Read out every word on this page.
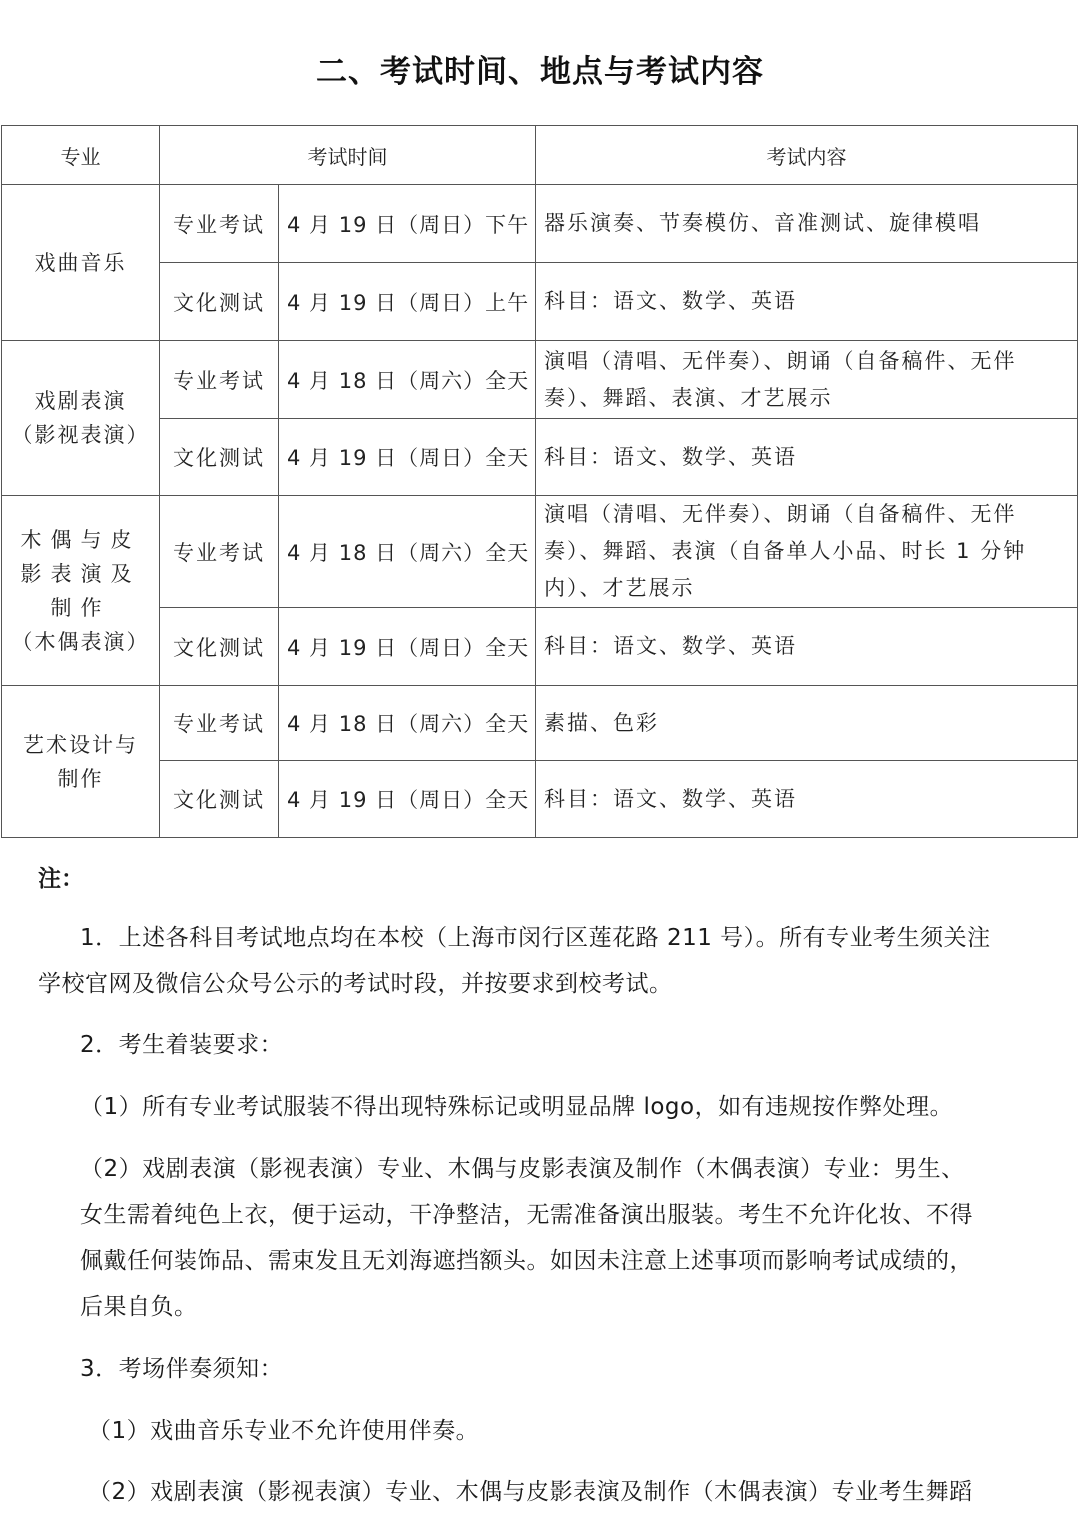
二、考试时间、地点与考试内容
专业	考试时间		考试内容
戏曲音乐	专业考试	4 月 19 日（周日）下午	器乐演奏、节奏模仿、音准测试、旋律模唱
	文化测试	4 月 19 日（周日）上午	科目：语文、数学、英语

戏剧表演
（影视表演）	专业考试	4 月 18 日（周六）全天	演唱（清唱、无伴奏）、朗诵（自备稿件、无伴奏）、舞蹈、表演、才艺展示
	文化测试	4 月 19 日（周日）全天	科目：语文、数学、英语

木偶与皮
影表演及
制作
（木偶表演）	专业考试	4 月 18 日（周六）全天	演唱（清唱、无伴奏）、朗诵（自备稿件、无伴奏）、舞蹈、表演（自备单人小品、时长 1 分钟内）、才艺展示
	文化测试	4 月 19 日（周日）全天	科目：语文、数学、英语

艺术设计与
制作	专业考试	4 月 18 日（周六）全天	素描、色彩
	文化测试	4 月 19 日（周日）全天	科目：语文、数学、英语
注：

1．上述各科目考试地点均在本校（上海市闵行区莲花路 211 号）。所有专业考生须关注

学校官网及微信公众号公示的考试时段，并按要求到校考试。

2．考生着装要求：

（1）所有专业考试服装不得出现特殊标记或明显品牌 logo，如有违规按作弊处理。

（2）戏剧表演（影视表演）专业、木偶与皮影表演及制作（木偶表演）专业：男生、

女生需着纯色上衣，便于运动，干净整洁，无需准备演出服装。考生不允许化妆、不得

佩戴任何装饰品、需束发且无刘海遮挡额头。如因未注意上述事项而影响考试成绩的，

后果自负。

3．考场伴奏须知：

（1）戏曲音乐专业不允许使用伴奏。

（2）戏剧表演（影视表演）专业、木偶与皮影表演及制作（木偶表演）专业考生舞蹈
